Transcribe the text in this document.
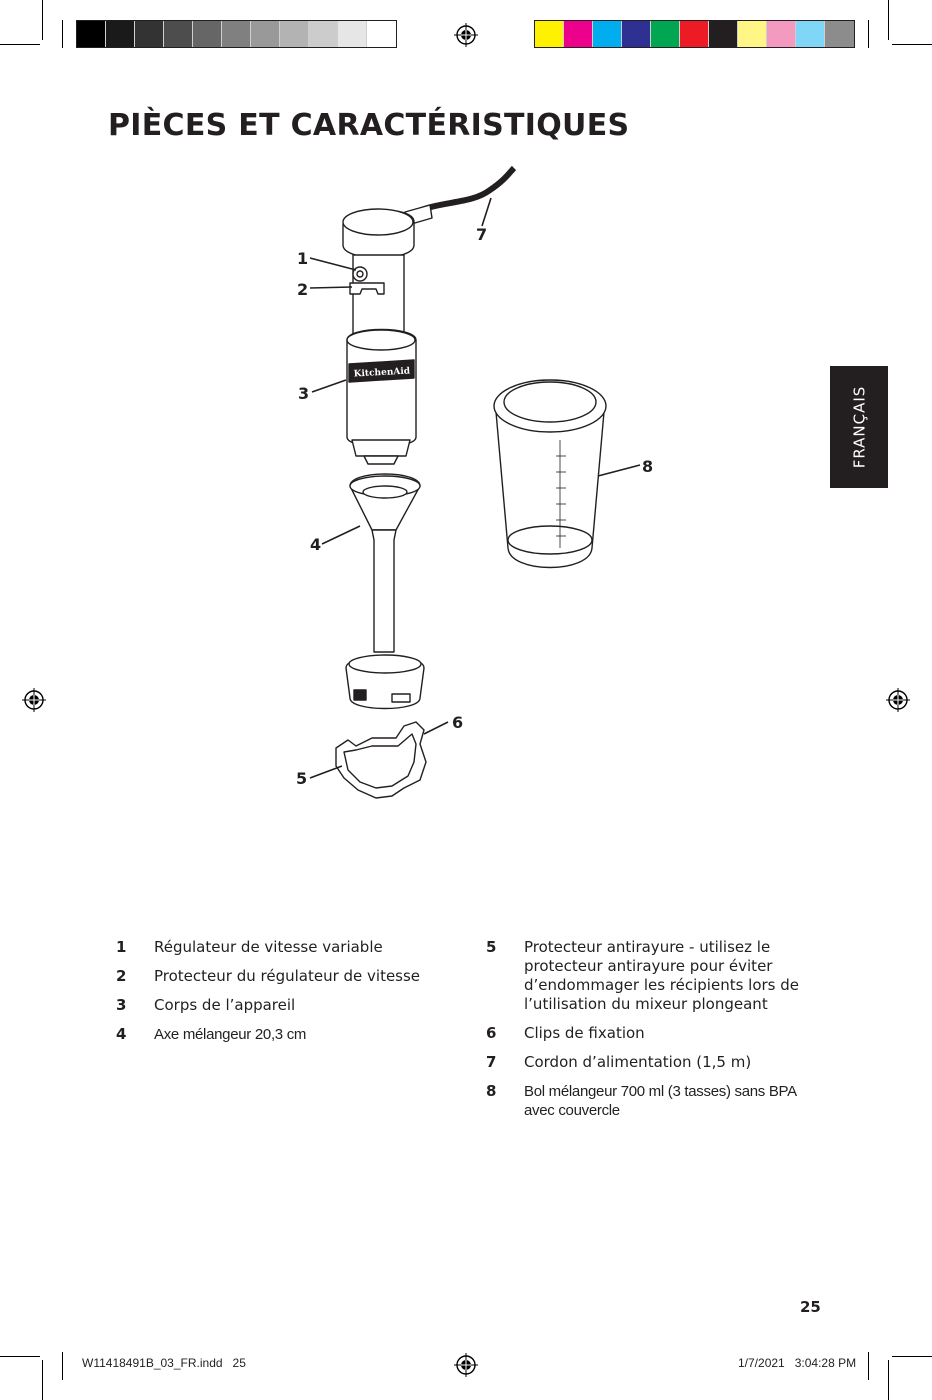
PIÈCES ET CARACTÉRISTIQUES
FRANÇAIS
KitchenAid
1
2
3
4
5
6
7
8
1	Régulateur de vitesse variable
2	Protecteur du régulateur de vitesse
3	Corps de l’appareil
4	Axe mélangeur 20,3 cm
5	Protecteur antirayure - utilisez le protecteur antirayure pour éviter d’endommager les récipients lors de l’utilisation du mixeur plongeant
6	Clips de fixation
7	Cordon d’alimentation (1,5 m)
8	Bol mélangeur 700 ml (3 tasses) sans BPA avec couvercle
25
W11418491B_03_FR.indd   25	1/7/2021   3:04:28 PM
